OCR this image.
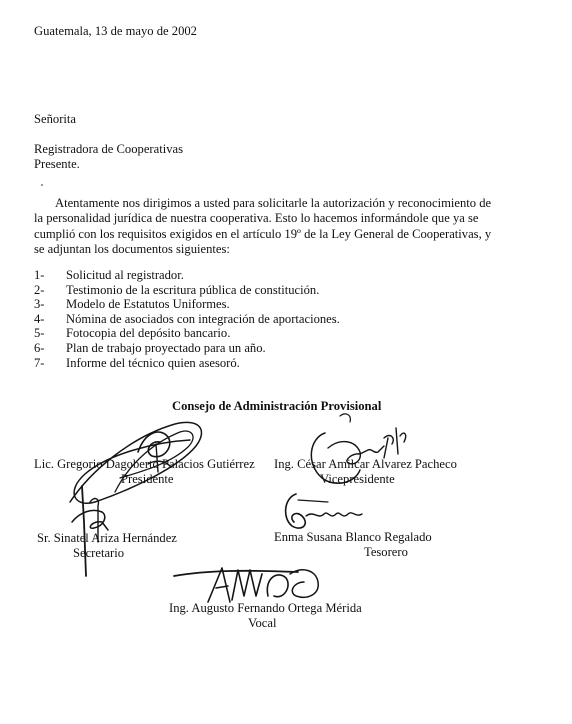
Guatemala, 13 de mayo de 2002
Señorita
Registradora de Cooperativas
Presente.
Atentamente nos dirigimos a usted para solicitarle la autorización y reconocimiento de
la personalidad jurídica de nuestra cooperativa. Esto lo hacemos informándole que ya se
cumplió con los requisitos exigidos en el artículo 19º de la Ley General de Cooperativas, y
se adjuntan los documentos siguientes:
1- Solicitud al registrador.
2- Testimonio de la escritura pública de constitución.
3- Modelo de Estatutos Uniformes.
4- Nómina de asociados con integración de aportaciones.
5- Fotocopia del depósito bancario.
6- Plan de trabajo proyectado para un año.
7- Informe del técnico quien asesoró.
Consejo de Administración Provisional
Lic. Gregorio Dagoberto Palacios Gutiérrez
Presidente
Ing. César Amilcar Alvarez Pacheco
Vicepresidente
Sr. Sinatel Ariza Hernández
Secretario
Enma Susana Blanco Regalado
Tesorero
Ing. Augusto Fernando Ortega Mérida
Vocal
